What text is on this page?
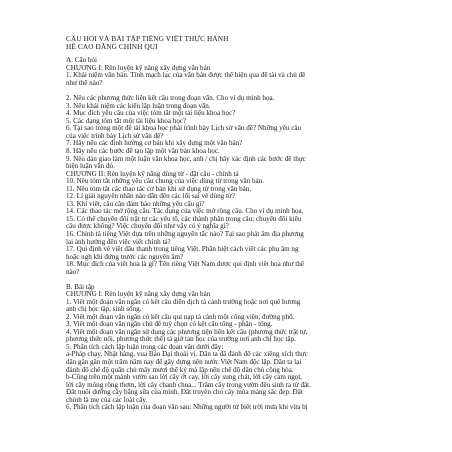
CÂU HỎI VÀ BÀI TẬP TIẾNG VIỆT THỰC HÀNH
HỆ CAO ĐẲNG CHÍNH QUI
A. Câu hỏi
CHƯƠNG I: Rèn luyện kỹ năng xây dựng văn bản
1. Khái niệm văn bản. Tính mạch lạc của văn bản được thể hiện qua để tài và chủ đề
như thế nào?

2. Nêu các phương thức liên kết câu trong đoạn văn. Cho ví dụ minh họa.
3. Nêu khái niệm các kiểu lập luận trong đoạn văn.
4. Mục đích yêu cầu của việc tóm tắt một tài liệu khoa học?
5. Các dạng tóm tắt một tài liệu khoa học?
6. Tại sao trong một đề tài khoa học phải trình bày Lịch sử vấn đề? Những yêu cầu
của việc trình bày Lịch sử vấn đề?
7. Hãy nêu các định hướng cơ bản khi xây dựng một văn bản?
8. Hãy nêu các bước để tạo lập một văn bản khoa học.
9. Nêu dàn giao làm một luận văn khoa học, anh / chị hãy xác định các bước để thực
hiện luận văn đó.
CHƯƠNG II: Rèn luyện kỹ năng dùng từ - đặt câu - chính tả
10. Nêu tóm tắt những yêu cầu chung của việc dùng từ trong văn bản.
11. Nêu tóm tắt các thao tác cơ bản khi sử dụng từ trong văn bản.
12. Lí giải nguyên nhân nào dẫn đến các lỗi sai về dùng từ?
13. Khi viết, câu cần đảm bảo những yêu cầu gì?
14. Các thao tác mở rộng câu. Tác dụng của việc mở rộng câu. Cho ví dụ minh họa.
15. Có thể chuyển đổi trật tự các yếu tố, các thành phần trong câu; chuyển đổi kiểu
câu được không? Việc chuyển đổi như vậy có ý nghĩa gì?
16. Chính tả tiếng Việt dựa trên những nguyên tắc nào? Tại sao phát âm địa phương
lại ảnh hưởng đến việc viết chính tả?
17. Qui định về viết dấu thanh trong tiếng Việt. Phân biệt cách viết các phụ âm ng
hoặc ngh khi đứng trước các nguyên âm?
18. Mục đích của viết hoa là gì? Tên riêng Việt Nam được qui định viết hoa như thế
nào?
B. Bài tập
CHƯƠNG I: Rèn luyện kỹ năng xây dựng văn bản
1. Viết một đoạn văn ngắn có kết cấu diễn dịch tả cảnh trường hoặc nơi quê hương
anh chị học tập, sinh sống.
2. Viết một đoạn văn ngắn có kết cấu qui nạp tả cảnh một công viên, đường phố.
3. Viết một đoạn văn ngắn chủ đề tuỳ chọn có kết cấu tổng - phân - tổng.
4. Viết một đoạn văn ngắn sử dụng các phương tiện liên kết câu (phương thức trật tự,
phương thức nối, phương thức thế) tả giờ tan học của trường nơi anh chị học tập.
5. Phân tích cách lập luận trong các đoạn văn dưới đây:
a-Pháp chạy, Nhật hàng, vua Bảo Đại thoái vị. Dân ta đã đánh đổ các xiềng xích thực
dân gần gần một trăm năm nay để gây dựng nên nước Việt Nam độc lập. Dân ta lại
đánh đổ chế độ quân chủ mấy mươi thế kỷ mà lập nên chế độ dân chủ cộng hòa.
b-Cũng trên một mảnh vườn sao lời cây ớt cay, lời cây sung chát, lời cây cam ngọt,
lời cây móng rồng thơm, lời cây chanh chua... Trăm cây trong vườn đều sinh ra từ đất.
Đất nuôi dưỡng cây bằng sữa của mình. Đất truyền cho cây mùa màng sắc đẹp. Đất
chính là mẹ của các loài cây.
6. Phân tích cách lập luận của đoạn văn sau: Những người từ biết trời mưa khi vừa bị
